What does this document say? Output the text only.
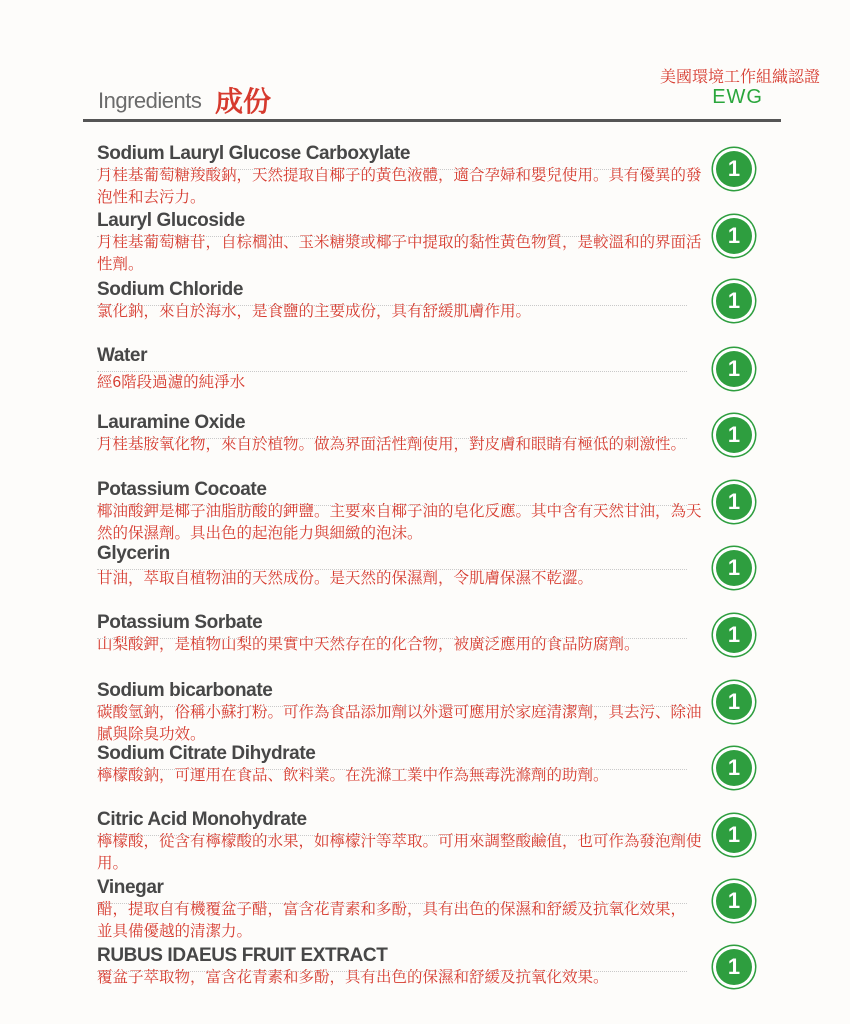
Ingredients 成份
美國環境工作組織認證
EWG
Sodium Lauryl Glucose Carboxylate
月桂基葡萄糖羧酸鈉，天然提取自椰子的黃色液體，適合孕婦和嬰兒使用。具有優異的發泡性和去污力。
Lauryl Glucoside
月桂基葡萄糖苷，自棕櫚油、玉米糖漿或椰子中提取的黏性黃色物質，是較溫和的界面活性劑。
Sodium Chloride
氯化鈉，來自於海水，是食鹽的主要成份，具有舒緩肌膚作用。
Water
經6階段過濾的純淨水
Lauramine Oxide
月桂基胺氧化物，來自於植物。做為界面活性劑使用，對皮膚和眼睛有極低的刺激性。
Potassium Cocoate
椰油酸鉀是椰子油脂肪酸的鉀鹽。主要來自椰子油的皂化反應。其中含有天然甘油，為天然的保濕劑。具出色的起泡能力與細緻的泡沫。
Glycerin
甘油，萃取自植物油的天然成份。是天然的保濕劑，令肌膚保濕不乾澀。
Potassium Sorbate
山梨酸鉀，是植物山梨的果實中天然存在的化合物，被廣泛應用的食品防腐劑。
Sodium bicarbonate
碳酸氫鈉，俗稱小蘇打粉。可作為食品添加劑以外還可應用於家庭清潔劑，具去污、除油膩與除臭功效。
Sodium Citrate Dihydrate
檸檬酸鈉，可運用在食品、飲料業。在洗滌工業中作為無毒洗滌劑的助劑。
Citric Acid Monohydrate
檸檬酸，從含有檸檬酸的水果，如檸檬汁等萃取。可用來調整酸鹼值，也可作為發泡劑使用。
Vinegar
醋，提取自有機覆盆子醋，富含花青素和多酚，具有出色的保濕和舒緩及抗氧化效果，並具備優越的清潔力。
RUBUS IDAEUS FRUIT EXTRACT
覆盆子萃取物，富含花青素和多酚，具有出色的保濕和舒緩及抗氧化效果。
1
1
1
1
1
1
1
1
1
1
1
1
1
